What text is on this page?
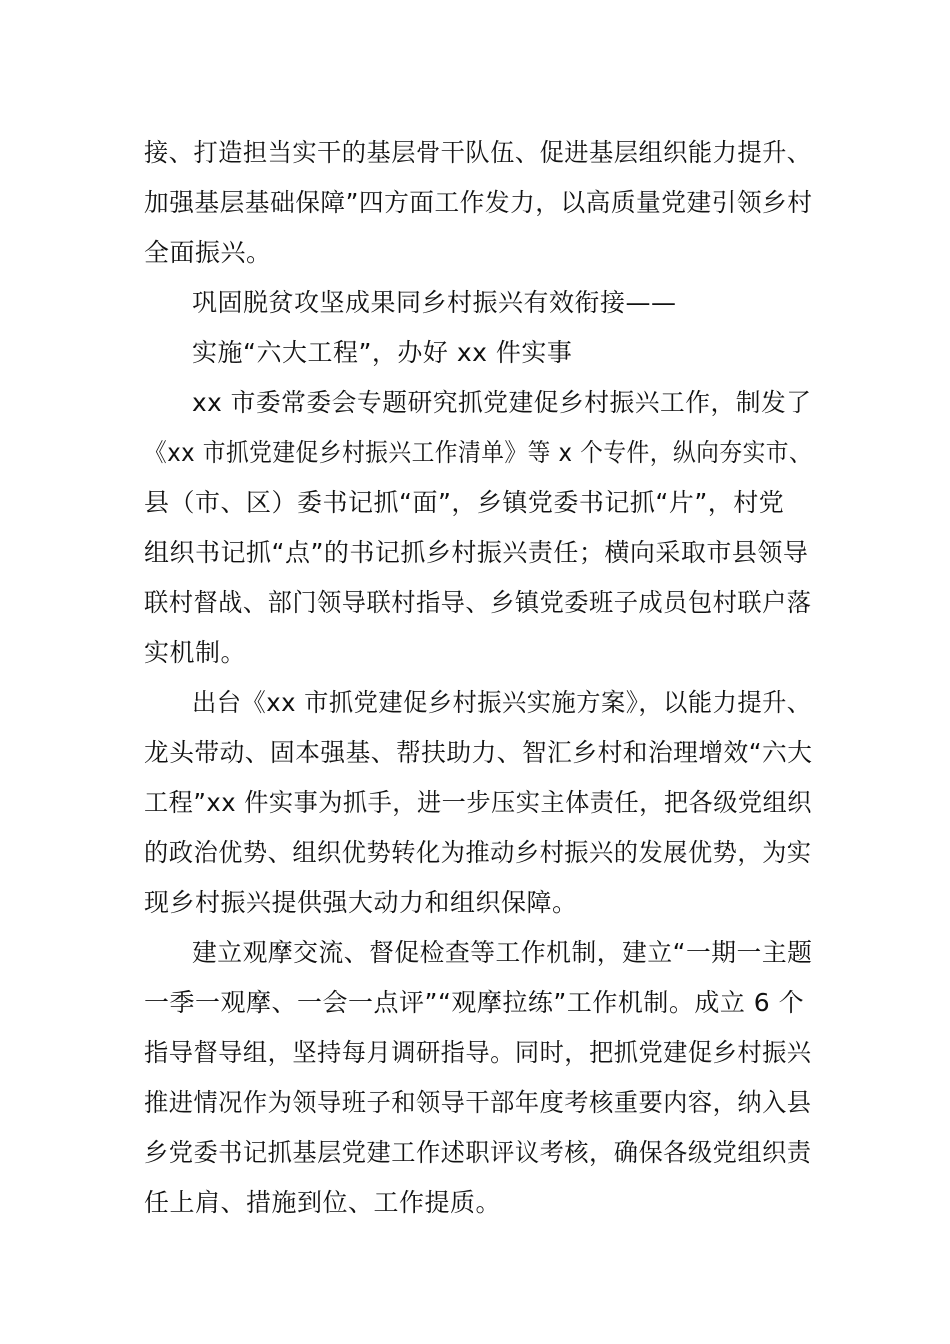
接、打造担当实干的基层骨干队伍、促进基层组织能力提升、
加强基层基础保障”四方面工作发力，以高质量党建引领乡村
全面振兴。
巩固脱贫攻坚成果同乡村振兴有效衔接——
实施“六大工程”，办好 xx 件实事
xx 市委常委会专题研究抓党建促乡村振兴工作，制发了
《xx 市抓党建促乡村振兴工作清单》等 x 个专件，纵向夯实市、
县（市、区）委书记抓“面”，乡镇党委书记抓“片”，村党
组织书记抓“点”的书记抓乡村振兴责任；横向采取市县领导
联村督战、部门领导联村指导、乡镇党委班子成员包村联户落
实机制。
出台《xx 市抓党建促乡村振兴实施方案》，以能力提升、
龙头带动、固本强基、帮扶助力、智汇乡村和治理增效“六大
工程”xx 件实事为抓手，进一步压实主体责任，把各级党组织
的政治优势、组织优势转化为推动乡村振兴的发展优势，为实
现乡村振兴提供强大动力和组织保障。
建立观摩交流、督促检查等工作机制，建立“一期一主题
一季一观摩、一会一点评”“观摩拉练”工作机制。成立 6 个
指导督导组，坚持每月调研指导。同时，把抓党建促乡村振兴
推进情况作为领导班子和领导干部年度考核重要内容，纳入县
乡党委书记抓基层党建工作述职评议考核，确保各级党组织责
任上肩、措施到位、工作提质。
